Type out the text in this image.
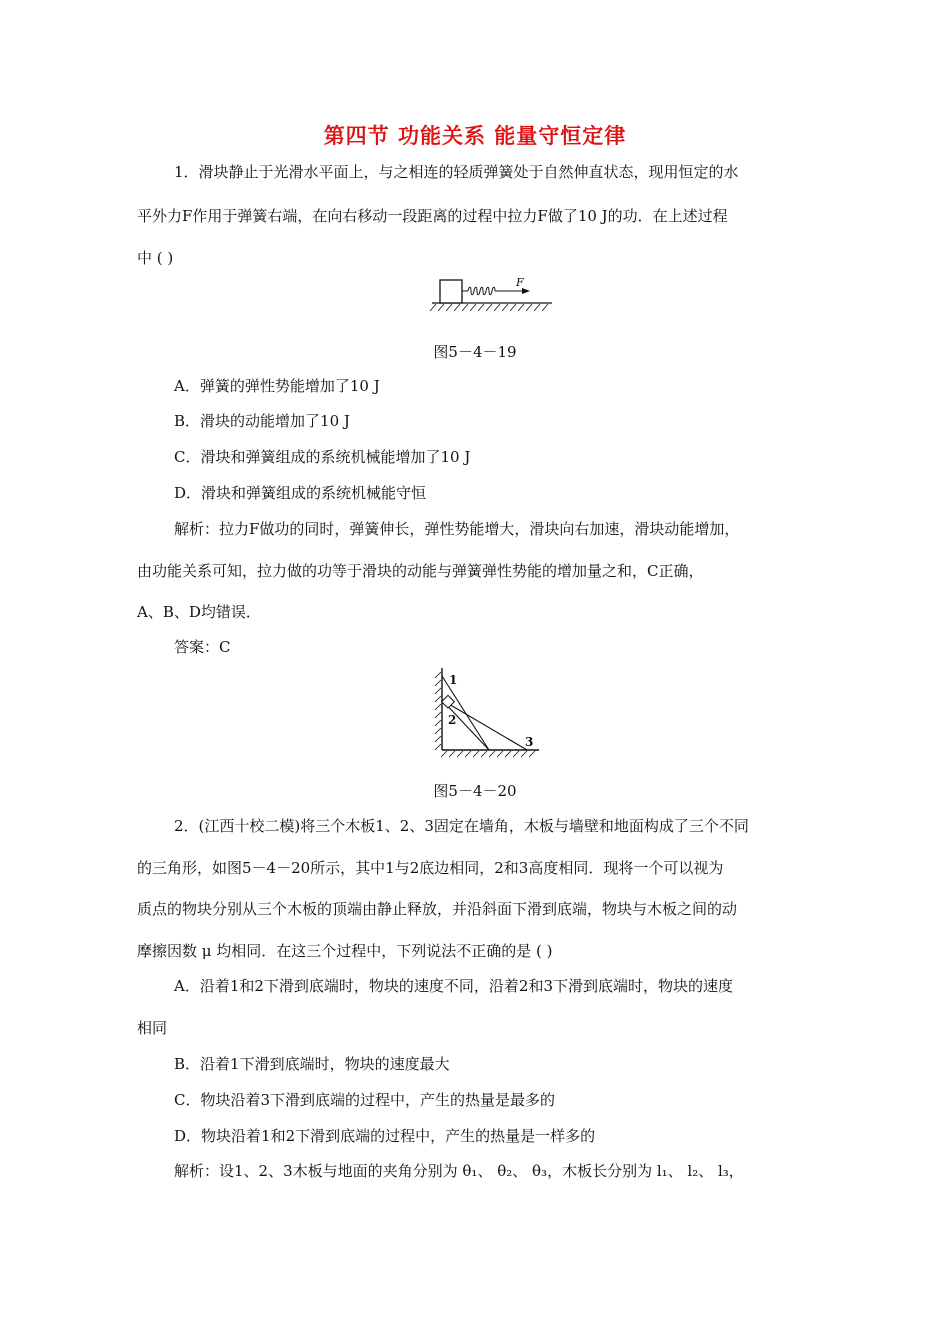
第四节 功能关系 能量守恒定律
1．滑块静止于光滑水平面上，与之相连的轻质弹簧处于自然伸直状态，现用恒定的水
平外力F作用于弹簧右端，在向右移动一段距离的过程中拉力F做了10 J的功．在上述过程
中 ( )
F
图5－4－19
A．弹簧的弹性势能增加了10 J
B．滑块的动能增加了10 J
C．滑块和弹簧组成的系统机械能增加了10 J
D．滑块和弹簧组成的系统机械能守恒
解析：拉力F做功的同时，弹簧伸长，弹性势能增大，滑块向右加速，滑块动能增加，
由功能关系可知，拉力做的功等于滑块的动能与弹簧弹性势能的增加量之和，C正确，
A、B、D均错误．
答案：C
1
2
3
图5－4－20
2．(江西十校二模)将三个木板1、2、3固定在墙角，木板与墙壁和地面构成了三个不同
的三角形，如图5－4－20所示，其中1与2底边相同，2和3高度相同．现将一个可以视为
质点的物块分别从三个木板的顶端由静止释放，并沿斜面下滑到底端，物块与木板之间的动
摩擦因数 μ 均相同．在这三个过程中，下列说法不正确的是 ( )
A．沿着1和2下滑到底端时，物块的速度不同，沿着2和3下滑到底端时，物块的速度
相同
B．沿着1下滑到底端时，物块的速度最大
C．物块沿着3下滑到底端的过程中，产生的热量是最多的
D．物块沿着1和2下滑到底端的过程中，产生的热量是一样多的
解析：设1、2、3木板与地面的夹角分别为 θ₁、 θ₂、 θ₃，木板长分别为 l₁、 l₂、 l₃，
